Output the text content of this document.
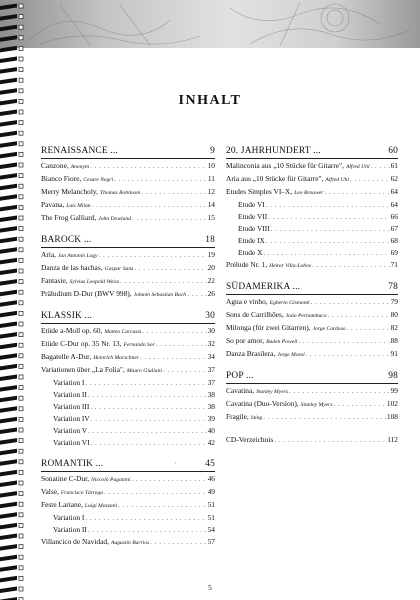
INHALT
RENAISSANCE ...	9
Canzone, Anonym . . .	10
Bianco Fiore, Cesare Negri . . .	11
Merry Melancholy, Thomas Robinson . . .	12
Pavana, Luis Milan . . .	14
The Frog Galliard, John Dowland . . .	15
BAROCK ...	18
Aria, Jan Antonín Logy . . .	19
Danza de las hachas, Gaspar Sanz . . .	20
Fantasie, Sylvius Leopold Weiss . . .	22
Präludium D-Dur (BWV 998), Johann Sebastian Bach . . .	26
KLASSIK ...	30
Etüde a-Moll op. 60, Matteo Carcassi . . .	30
Etüde C-Dur op. 35 Nr. 13, Fernando Sor . . .	32
Bagatelle A-Dur, Heinrich Marschner . . .	34
Variationen über „La Folia", Mauro Giuliani . . .	37
Variation I . . .	37
Variation II . . .	38
Variation III . . .	38
Variation IV . . .	39
Variation V . . .	40
Variation VI . . .	42
ROMANTIK ...	45
Sonatine C-Dur, Niccolò Paganini . . .	46
Valse, Francisco Tárrega . . .	49
Feste Lariane, Luigi Mozzani . . .	51
Variation I . . .	51
Variation II . . .	54
Villancico de Navidad, Augustín Barrios . . .	57
20. JAHRHUNDERT ...	60
Malinconia aus „10 Stücke für Gitarre", Alfred Uhl . . .	61
Aria aus „10 Stücke für Gitarre", Alfred Uhl . . .	62
Etudes Simples VI–X, Leo Brouwer . . .	64
Etude VI . . .	64
Etude VII . . .	66
Etude VIII . . .	67
Etude IX . . .	68
Etude X . . .	69
Prélude Nr. 1, Heitor Villa-Lobos . . .	71
SÜDAMERIKA ...	78
Agua e vinho, Egberto Gismonti . . .	79
Sons de Carrilhões, João Pernambuco . . .	80
Milonga (für zwei Gitarren), Jorge Cardoso . . .	82
So por amor, Baden Powell . . .	88
Danza Brasilera, Jorge Morel . . .	91
POP ...	98
Cavatina, Stanley Myers . . .	99
Cavatina (Duo-Version), Stanley Myers . . .	102
Fragile, Sting . . .	108
CD-Verzeichnis . . .	112
˙
5
